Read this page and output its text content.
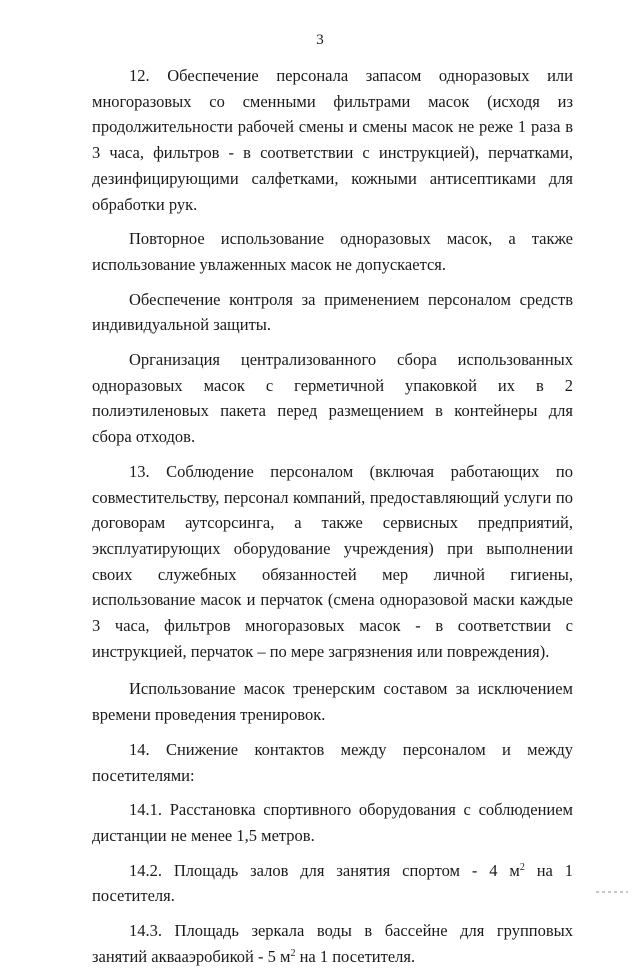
3

12. Обеспечение персонала запасом одноразовых или многоразовых со сменными фильтрами масок (исходя из продолжительности рабочей смены и смены масок не реже 1 раза в 3 часа, фильтров - в соответствии с инструкцией), перчатками, дезинфицирующими салфетками, кожными антисептиками для обработки рук.

Повторное использование одноразовых масок, а также использование увлаженных масок не допускается.

Обеспечение контроля за применением персоналом средств индивидуальной защиты.

Организация централизованного сбора использованных одноразовых масок с герметичной упаковкой их в 2 полиэтиленовых пакета перед размещением в контейнеры для сбора отходов.

13. Соблюдение персоналом (включая работающих по совместительству, персонал компаний, предоставляющий услуги по договорам аутсорсинга, а также сервисных предприятий, эксплуатирующих оборудование учреждения) при выполнении своих служебных обязанностей мер личной гигиены, использование масок и перчаток (смена одноразовой маски каждые 3 часа, фильтров многоразовых масок - в соответствии с инструкцией, перчаток – по мере загрязнения или повреждения).

Использование масок тренерским составом за исключением времени проведения тренировок.

14. Снижение контактов между персоналом и между посетителями:

14.1. Расстановка спортивного оборудования с соблюдением дистанции не менее 1,5 метров.

14.2. Площадь залов для занятия спортом - 4 $м^2$ на 1 посетителя.

14.3. Площадь зеркала воды в бассейне для групповых занятий аквааэробикой - 5 $м^2$ на 1 посетителя.
